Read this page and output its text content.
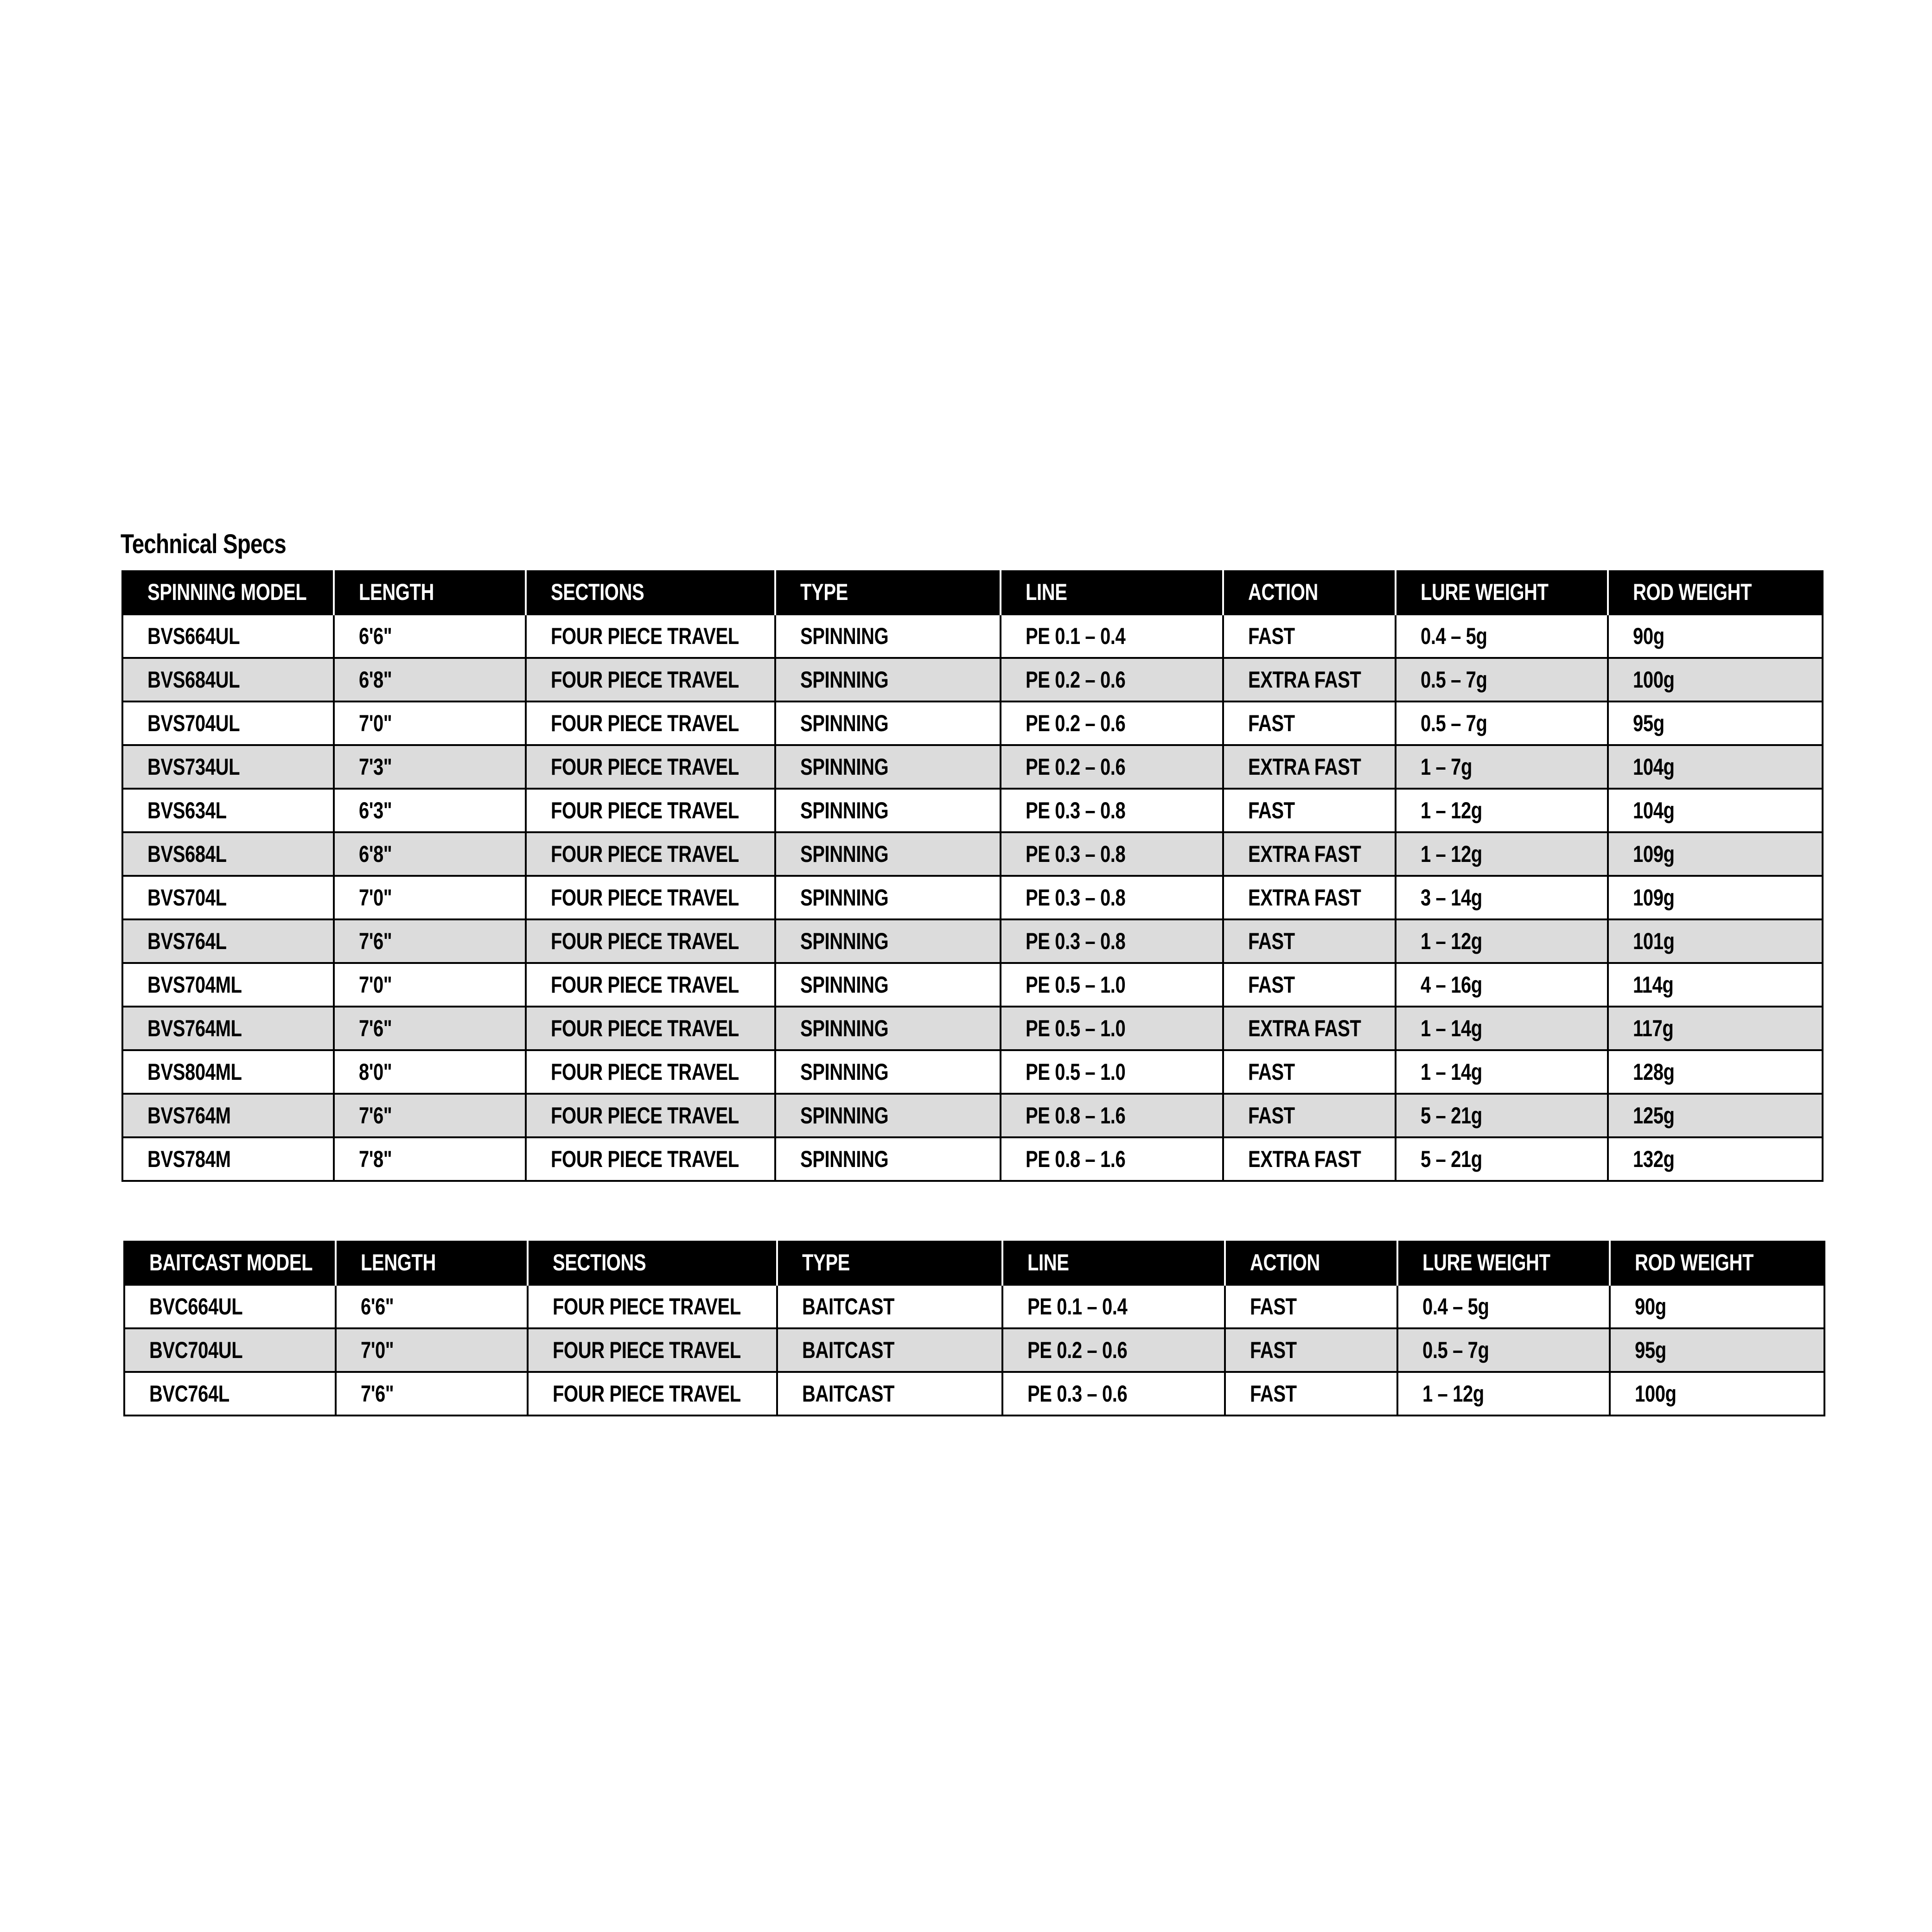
Technical Specs
SPINNING MODEL	LENGTH	SECTIONS	TYPE	LINE	ACTION	LURE WEIGHT	ROD WEIGHT
BVS664UL	6'6"	FOUR PIECE TRAVEL	SPINNING	PE 0.1 – 0.4	FAST	0.4 – 5g	90g
BVS684UL	6'8"	FOUR PIECE TRAVEL	SPINNING	PE 0.2 – 0.6	EXTRA FAST	0.5 – 7g	100g
BVS704UL	7'0"	FOUR PIECE TRAVEL	SPINNING	PE 0.2 – 0.6	FAST	0.5 – 7g	95g
BVS734UL	7'3"	FOUR PIECE TRAVEL	SPINNING	PE 0.2 – 0.6	EXTRA FAST	1 – 7g	104g
BVS634L	6'3"	FOUR PIECE TRAVEL	SPINNING	PE 0.3 – 0.8	FAST	1 – 12g	104g
BVS684L	6'8"	FOUR PIECE TRAVEL	SPINNING	PE 0.3 – 0.8	EXTRA FAST	1 – 12g	109g
BVS704L	7'0"	FOUR PIECE TRAVEL	SPINNING	PE 0.3 – 0.8	EXTRA FAST	3 – 14g	109g
BVS764L	7'6"	FOUR PIECE TRAVEL	SPINNING	PE 0.3 – 0.8	FAST	1 – 12g	101g
BVS704ML	7'0"	FOUR PIECE TRAVEL	SPINNING	PE 0.5 – 1.0	FAST	4 – 16g	114g
BVS764ML	7'6"	FOUR PIECE TRAVEL	SPINNING	PE 0.5 – 1.0	EXTRA FAST	1 – 14g	117g
BVS804ML	8'0"	FOUR PIECE TRAVEL	SPINNING	PE 0.5 – 1.0	FAST	1 – 14g	128g
BVS764M	7'6"	FOUR PIECE TRAVEL	SPINNING	PE 0.8 – 1.6	FAST	5 – 21g	125g
BVS784M	7'8"	FOUR PIECE TRAVEL	SPINNING	PE 0.8 – 1.6	EXTRA FAST	5 – 21g	132g
BAITCAST MODEL	LENGTH	SECTIONS	TYPE	LINE	ACTION	LURE WEIGHT	ROD WEIGHT
BVC664UL	6'6"	FOUR PIECE TRAVEL	BAITCAST	PE 0.1 – 0.4	FAST	0.4 – 5g	90g
BVC704UL	7'0"	FOUR PIECE TRAVEL	BAITCAST	PE 0.2 – 0.6	FAST	0.5 – 7g	95g
BVC764L	7'6"	FOUR PIECE TRAVEL	BAITCAST	PE 0.3 – 0.6	FAST	1 – 12g	100g
